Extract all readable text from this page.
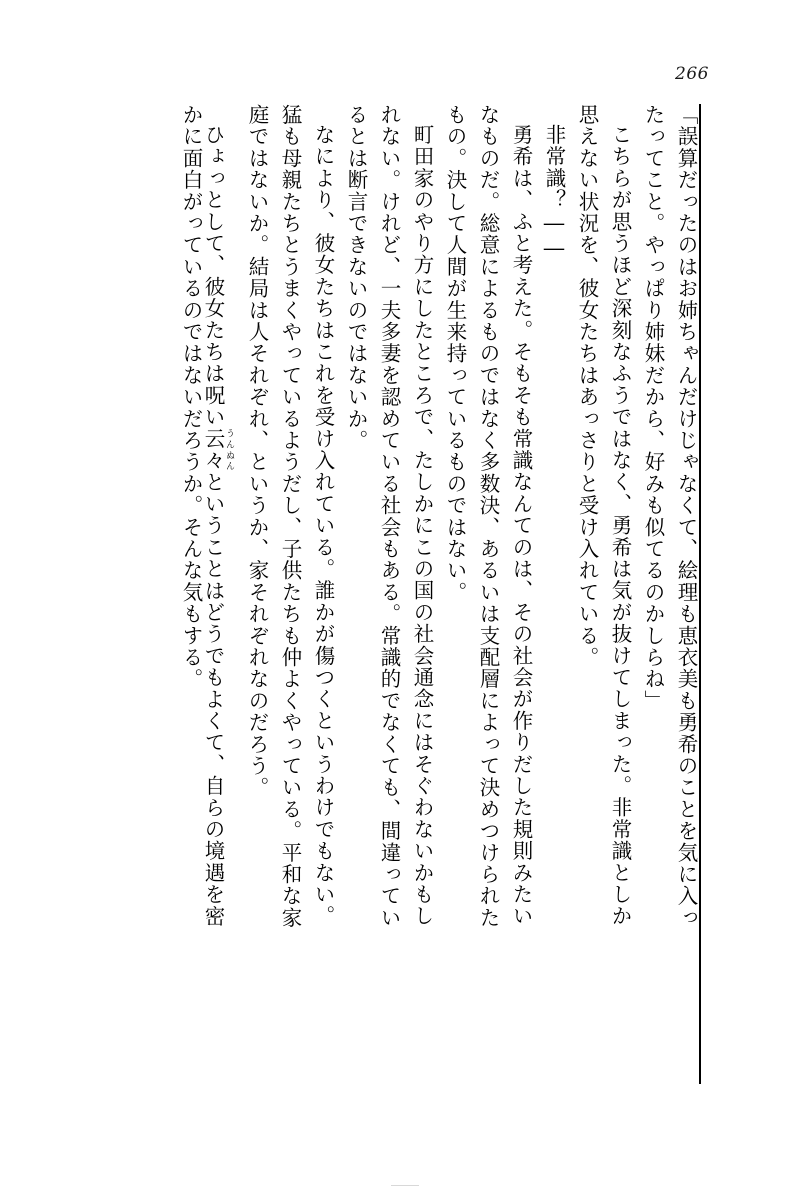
266
「誤算だったのはお姉ちゃんだけじゃなくて、絵理も恵衣美も勇希のことを気に入っ
たってこと。やっぱり姉妹だから、好みも似てるのかしらね」
こちらが思うほど深刻なふうではなく、勇希は気が抜けてしまった。非常識としか
思えない状況を、彼女たちはあっさりと受け入れている。
非常識？――
勇希は、ふと考えた。そもそも常識なんてのは、その社会が作りだした規則みたい
なものだ。総意によるものではなく多数決、あるいは支配層によって決めつけられた
もの。決して人間が生来持っているものではない。
町田家のやり方にしたところで、たしかにこの国の社会通念にはそぐわないかもし
れない。けれど、一夫多妻を認めている社会もある。常識的でなくても、間違ってい
るとは断言できないのではないか。
なにより、彼女たちはこれを受け入れている。誰かが傷つくというわけでもない。
猛も母親たちとうまくやっているようだし、子供たちも仲よくやっている。平和な家
庭ではないか。結局は人それぞれ、というか、家それぞれなのだろう。
ひょっとして、彼女たちは呪い云々 うんぬんということはどうでもよくて、自らの境遇を密
かに面白がっているのではないだろうか。そんな気もする。
